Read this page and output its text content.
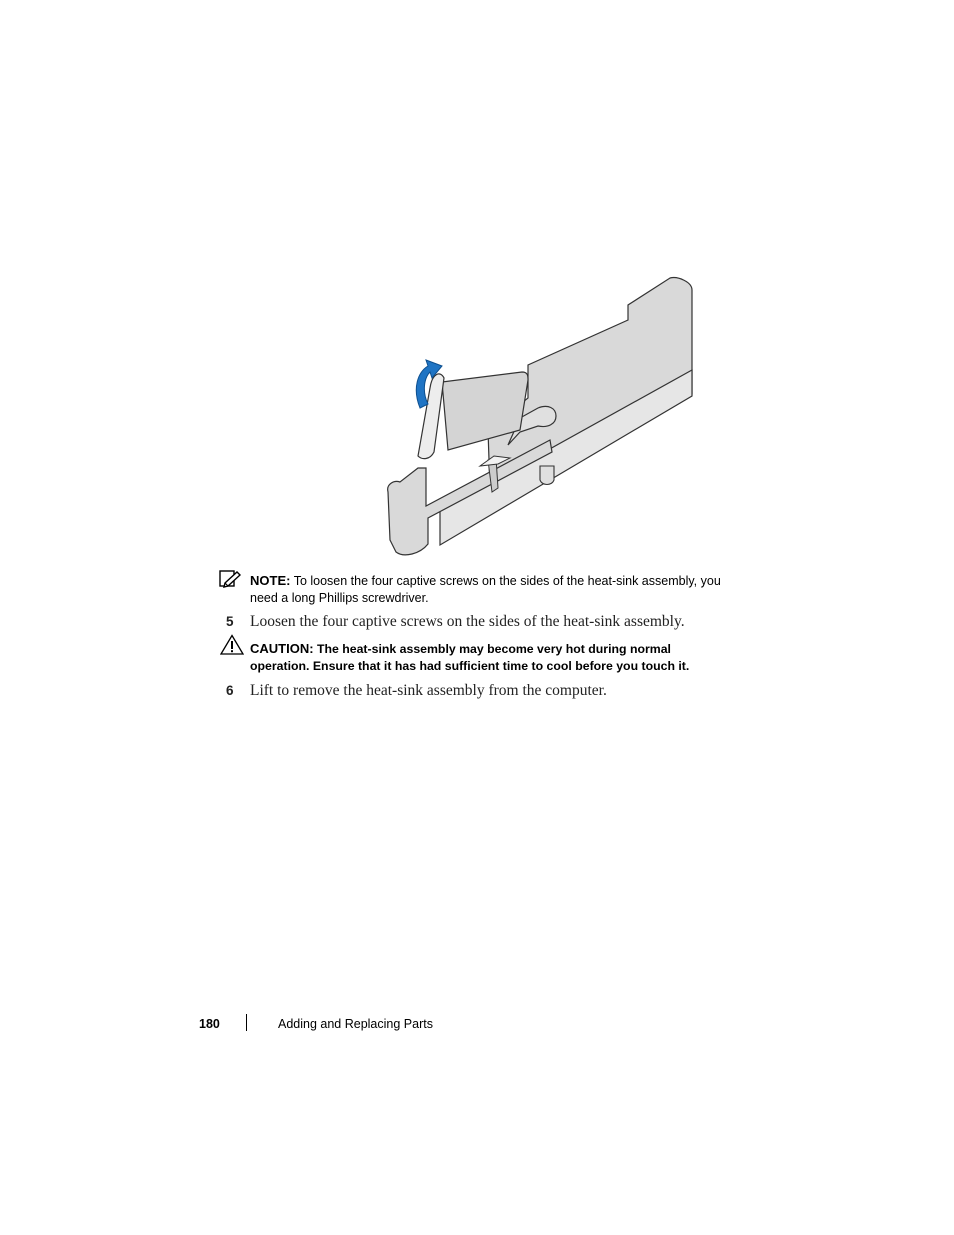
NOTE: To loosen the four captive screws on the sides of the heat-sink assembly, you need a long Phillips screwdriver.
5 Loosen the four captive screws on the sides of the heat-sink assembly.
CAUTION: The heat-sink assembly may become very hot during normal operation. Ensure that it has had sufficient time to cool before you touch it.
6 Lift to remove the heat-sink assembly from the computer.
180	Adding and Replacing Parts
